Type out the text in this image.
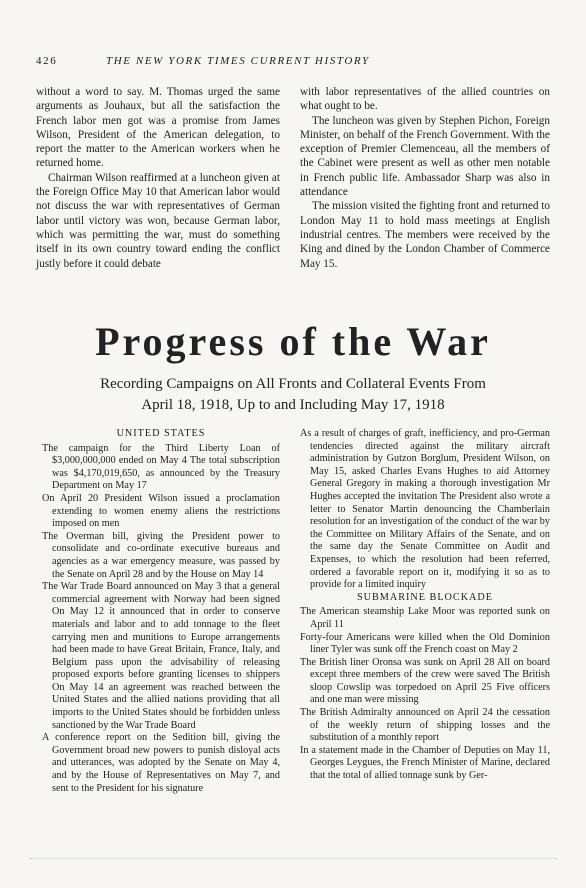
426	THE NEW YORK TIMES CURRENT HISTORY

without a word to say. M. Thomas urged the same arguments as Jouhaux, but all the satisfaction the French labor men got was a promise from James Wilson, President of the American delegation, to report the matter to the American workers when he returned home.

Chairman Wilson reaffirmed at a luncheon given at the Foreign Office May 10 that American labor would not discuss the war with representatives of German labor until victory was won, because German labor, which was permitting the war, must do something itself in its own country toward ending the conflict justly before it could debate

with labor representatives of the allied countries on what ought to be.

The luncheon was given by Stephen Pichon, Foreign Minister, on behalf of the French Government. With the exception of Premier Clemenceau, all the members of the Cabinet were present as well as other men notable in French public life. Ambassador Sharp was also in attendance

The mission visited the fighting front and returned to London May 11 to hold mass meetings at English industrial centres. The members were received by the King and dined by the London Chamber of Commerce May 15.

Progress of the War
Recording Campaigns on All Fronts and Collateral Events From
April 18, 1918, Up to and Including May 17, 1918

UNITED STATES

The campaign for the Third Liberty Loan of $3,000,000,000 ended on May 4 The total subscription was $4,170,019,650, as announced by the Treasury Department on May 17

On April 20 President Wilson issued a proclamation extending to women enemy aliens the restrictions imposed on men

The Overman bill, giving the President power to consolidate and co-ordinate executive bureaus and agencies as a war emergency measure, was passed by the Senate on April 28 and by the House on May 14

The War Trade Board announced on May 3 that a general commercial agreement with Norway had been signed On May 12 it announced that in order to conserve materials and labor and to add tonnage to the fleet carrying men and munitions to Europe arrangements had been made to have Great Britain, France, Italy, and Belgium pass upon the advisability of releasing proposed exports before granting licenses to shippers On May 14 an agreement was reached between the United States and the allied nations providing that all imports to the United States should be forbidden unless sanctioned by the War Trade Board

A conference report on the Sedition bill, giving the Government broad new powers to punish disloyal acts and utterances, was adopted by the Senate on May 4, and by the House of Representatives on May 7, and sent to the President for his signature

As a result of charges of graft, inefficiency, and pro-German tendencies directed against the military aircraft administration by Gutzon Borglum, President Wilson, on May 15, asked Charles Evans Hughes to aid Attorney General Gregory in making a thorough investigation Mr Hughes accepted the invitation The President also wrote a letter to Senator Martin denouncing the Chamberlain resolution for an investigation of the conduct of the war by the Committee on Military Affairs of the Senate, and on the same day the Senate Committee on Audit and Expenses, to which the resolution had been referred, ordered a favorable report on it, modifying it so as to provide for a limited inquiry

SUBMARINE BLOCKADE

The American steamship Lake Moor was reported sunk on April 11

Forty-four Americans were killed when the Old Dominion liner Tyler was sunk off the French coast on May 2

The British liner Oronsa was sunk on April 28 All on board except three members of the crew were saved The British sloop Cowslip was torpedoed on April 25 Five officers and one man were missing

The British Admiralty announced on April 24 the cessation of the weekly return of shipping losses and the substitution of a monthly report

In a statement made in the Chamber of Deputies on May 11, Georges Leygues, the French Minister of Marine, declared that the total of allied tonnage sunk by Ger-
